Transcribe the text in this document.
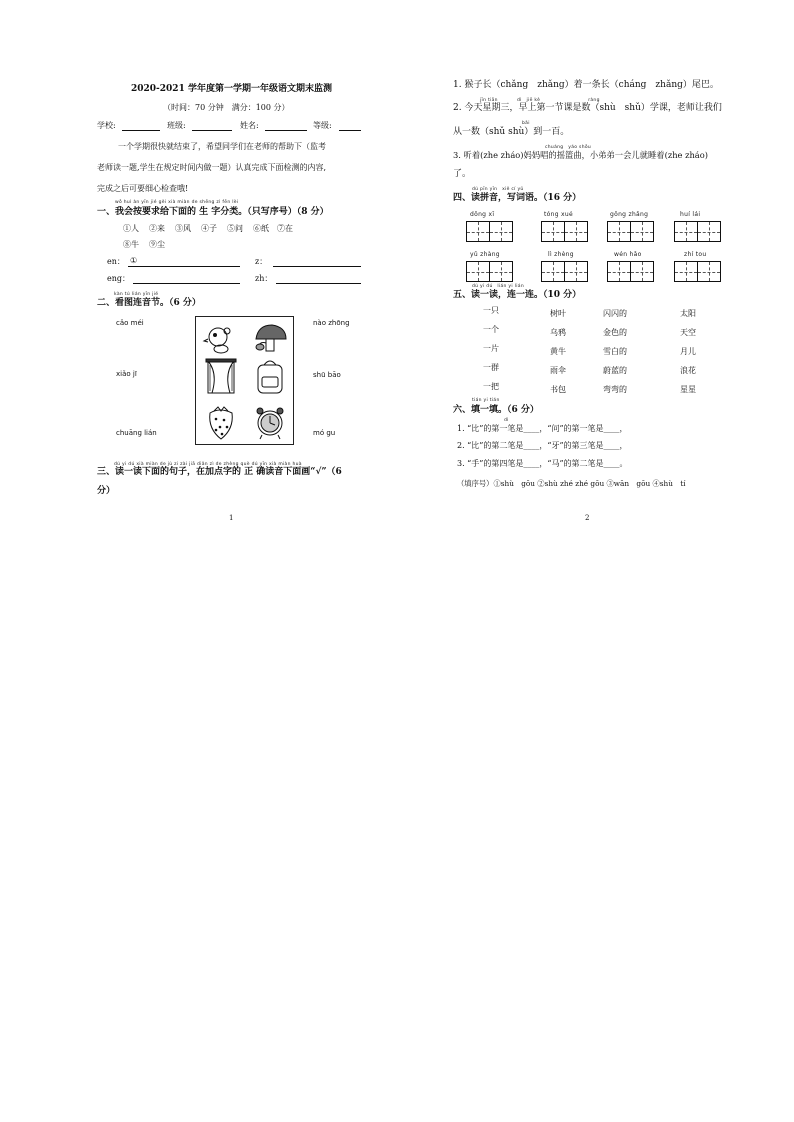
2020-2021 学年度第一学期一年级语文期末监测
（时间：70 分钟　满分：100 分）
学校:	班级:	姓名:	等级:
一个学期很快就结束了，希望同学们在老师的帮助下（监考
老师读一题,学生在规定时间内做一题）认真完成下面检测的内容,
完成之后可要细心检查哦!
wǒ huì àn yīn jié gěi xià miàn de shēng zì fēn lèi
一、我会按要求给下面的 生 字分类。（只写序号）（8 分）
①人 ②来 ③风 ④子 ⑤问 ⑥纸 ⑦在
⑧牛 ⑨尘
en： ①	z：
eng：	zh：
kàn tú lián yīn jié
二、看图连音节。（6 分）
cǎo méi
xiǎo jī
chuāng lián
nào zhōng
shū bāo
mó gu
dú yi dú xià miàn de jù zi zài jiā diǎn zì de zhèng què dú yīn xià miàn huà
三、读一读下面的句子，在加点字的 正 确读音下面画“√”（6
分）
1
1. 猴子长（chǎng　zhǎng）着一条长（cháng　zhǎng）尾巴。
jīn tiān　　　　dì　jiē kè　　　　　　　　　　ràng
2. 今天星期三，早上第一节课是数（shù　shǔ）学课，老师让我们
bǎi
从一数（shǔ shù）到一百。
chuáng　yáo shǒu
3. 听着(zhe zháo)妈妈唱的摇篮曲，小弟弟一会儿就睡着(zhe zháo)
了。
dú pīn yīn　xiě cí yǔ
四、读拼音，写词语。（16 分）
dōng xī	tóng xué	gōng zhǎng	huí lái
yǔ zhàng	lì zhèng	wén hǎo	zhí tou
dú yi dú　lián yi lián
五、读一读，连一连。（10 分）
一只
一个
一片
一群
一把
树叶
乌鸦
黄牛
雨伞
书包
闪闪的
金色的
雪白的
蔚蓝的
弯弯的
太阳
天空
月儿
浪花
星星
tián yi tián
六、填一填。（6 分）
dì
1. “比”的第一笔是____，“问”的第一笔是____，
2. “比”的第二笔是____，“牙”的第三笔是____，
3. “手”的第四笔是____，“马”的第二笔是____。
（填序号）①shù　gōu ②shù zhé zhé gōu ③wān　gōu ④shù　tí
2
